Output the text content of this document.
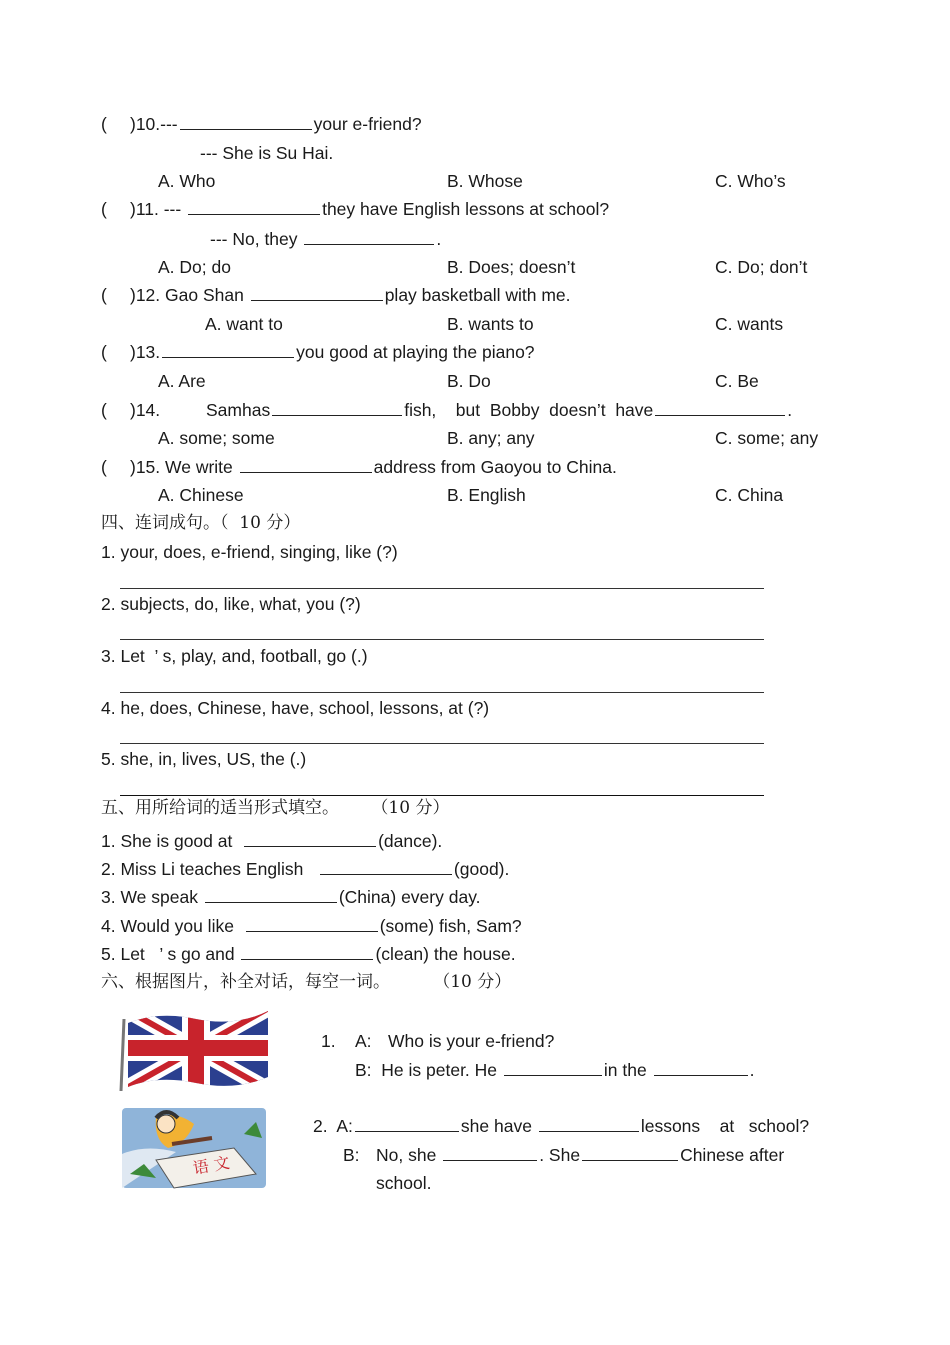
( )10.---	your e-friend?
--- She is Su Hai.
A. Who	B. Whose	C. Who’s
( )11. ---	they have English lessons at school?
--- No, they	.
A. Do; do	B. Does; doesn’t	C. Do; don’t
( )12. Gao Shan	play basketball with me.
A. want to	B. wants to	C. wants
( )13.	you good at playing the piano?
A. Are	B. Do	C. Be
( )14.	Samhas	fish, but  Bobby  doesn’t  have	.
A. some; some	B. any; any	C. some; any
( )15. We write	address from Gaoyou to China.
A. Chinese	B. English	C. China
四、连词成句。（  10 分）
1. your, does, e-friend, singing, like (?)
2. subjects, do, like, what, you (?)
3. Let  ’ s, play, and, football, go (.)
4. he, does, Chinese, have, school, lessons, at (?)
5. she, in, lives, US, the (.)
五、用所给词的适当形式填空。      （10 分）
1. She is good at	(dance).
2. Miss Li teaches English	(good).
3. We speak	(China) every day.
4. Would you like	(some) fish, Sam?
5. Let   ’ s go and	(clean) the house.
六、根据图片，补全对话，每空一词。        （10 分）
1. A: Who is your e-friend?
B: He is peter. He	in the	.
语 文
2. A:	she have	lessons at   school?
B: No, she	. She	Chinese after
school.
